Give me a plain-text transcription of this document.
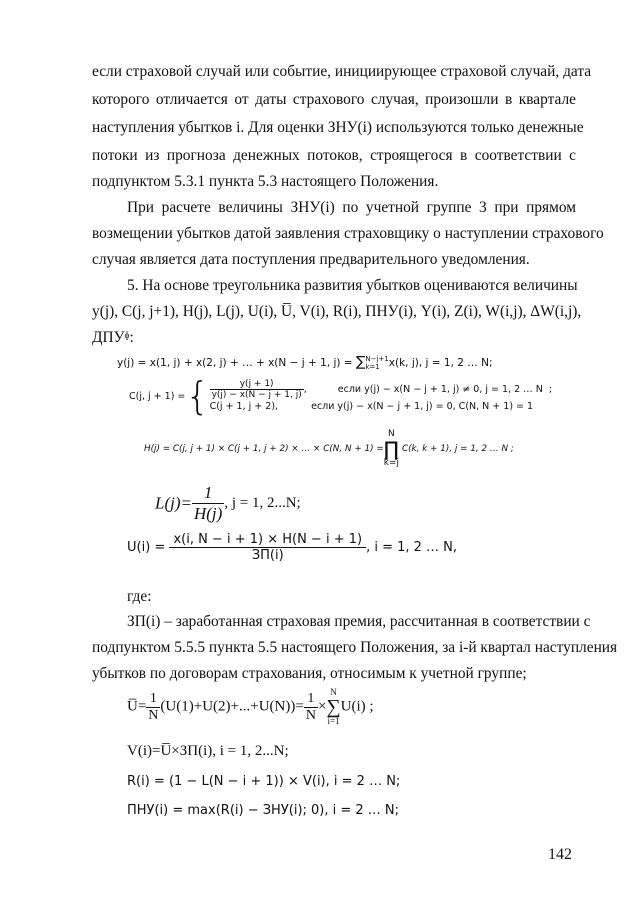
если страховой случай или событие, инициирующее страховой случай, дата
которого отличается от даты страхового случая, произошли в квартале
наступления убытков i. Для оценки ЗНУ(i) используются только денежные
потоки из прогноза денежных потоков, строящегося в соответствии с
подпунктом 5.3.1 пункта 5.3 настоящего Положения.
При расчете величины ЗНУ(i) по учетной группе 3 при прямом
возмещении убытков датой заявления страховщику о наступлении страхового
случая является дата поступления предварительного уведомления.
5. На основе треугольника развития убытков оцениваются величины
y(j), C(j, j+1), H(j), L(j), U(i), U̅, V(i), R(i), ПНУ(i), Y(i), Z(i), W(i,j), ΔW(i,j),
ДПУᶲ:
y(j) = x(1, j) + x(2, j) + … + x(N − j + 1, j) = ∑ N−j+1
k=1 x(k, j), j = 1, 2 … N;
C(j, j + 1) ={ $\frac{y(j + 1)}{y(j) - x(N - j + 1, j)}$ ,	если y(j) − x(N − j + 1, j) ≠ 0, j = 1, 2 … N ;
C(j + 1, j + 2),	если y(j) − x(N − j + 1, j) = 0, C(N, N + 1) = 1
H(j) = C(j, j + 1) × C(j + 1, j + 2) × … × C(N, N + 1) =N
∏
k=jC(k, k + 1), j = 1, 2 … N ;
$L(j)= \frac{1}{H(j)}$ , j = 1, 2...N;
$U(i) = \frac{x(i, N - i + 1) \times H(N - i + 1)}{ЗП(i)}$ , i = 1, 2 … N,
где:
ЗП(i) – заработанная страховая премия, рассчитанная в соответствии с
подпунктом 5.5.5 пункта 5.5 настоящего Положения, за i-й квартал наступления
убытков по договорам страхования, относимым к учетной группе;
U̅= $\frac{1}{N} (U(1)+U(2)+...+U(N))= \frac{1}{N} \times N$
∑
i=1U(i) ;
V(i)=U̅×ЗП(i), i = 1, 2...N;
R(i) = (1 − L(N − i + 1)) × V(i), i = 2 … N;
ПНУ(i) = max(R(i) − ЗНУ(i); 0), i = 2 … N;
142
